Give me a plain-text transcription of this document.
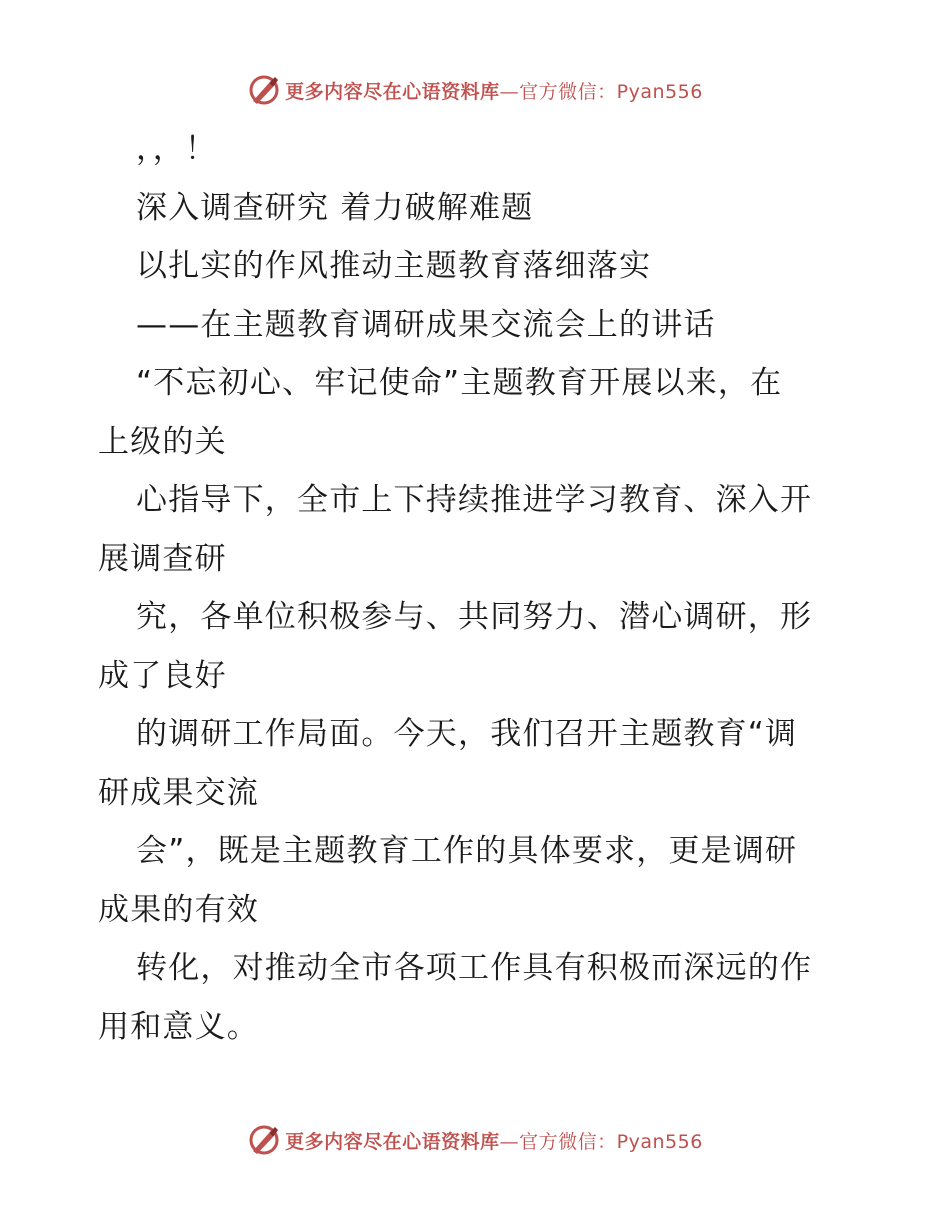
更多内容尽在心语资料库—官方微信：Pyan556
，，！
深入调查研究 着力破解难题
以扎实的作风推动主题教育落细落实
——在主题教育调研成果交流会上的讲话
“不忘初心、牢记使命”主题教育开展以来，在
上级的关
心指导下，全市上下持续推进学习教育、深入开
展调查研
究，各单位积极参与、共同努力、潜心调研，形
成了良好
的调研工作局面。今天，我们召开主题教育“调
研成果交流
会”，既是主题教育工作的具体要求，更是调研
成果的有效
转化，对推动全市各项工作具有积极而深远的作
用和意义。
更多内容尽在心语资料库—官方微信：Pyan556
